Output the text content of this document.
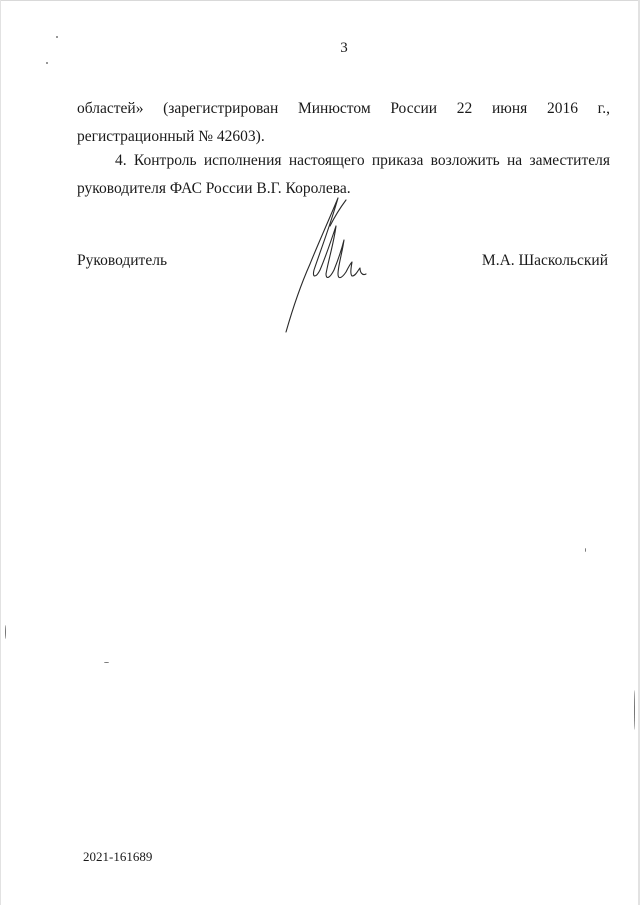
3

областей» (зарегистрирован Минюстом России 22 июня 2016 г., регистрационный № 42603).

4. Контроль исполнения настоящего приказа возложить на заместителя руководителя ФАС России В.Г. Королева.

Руководитель	М.А. Шаскольский
2021-161689
